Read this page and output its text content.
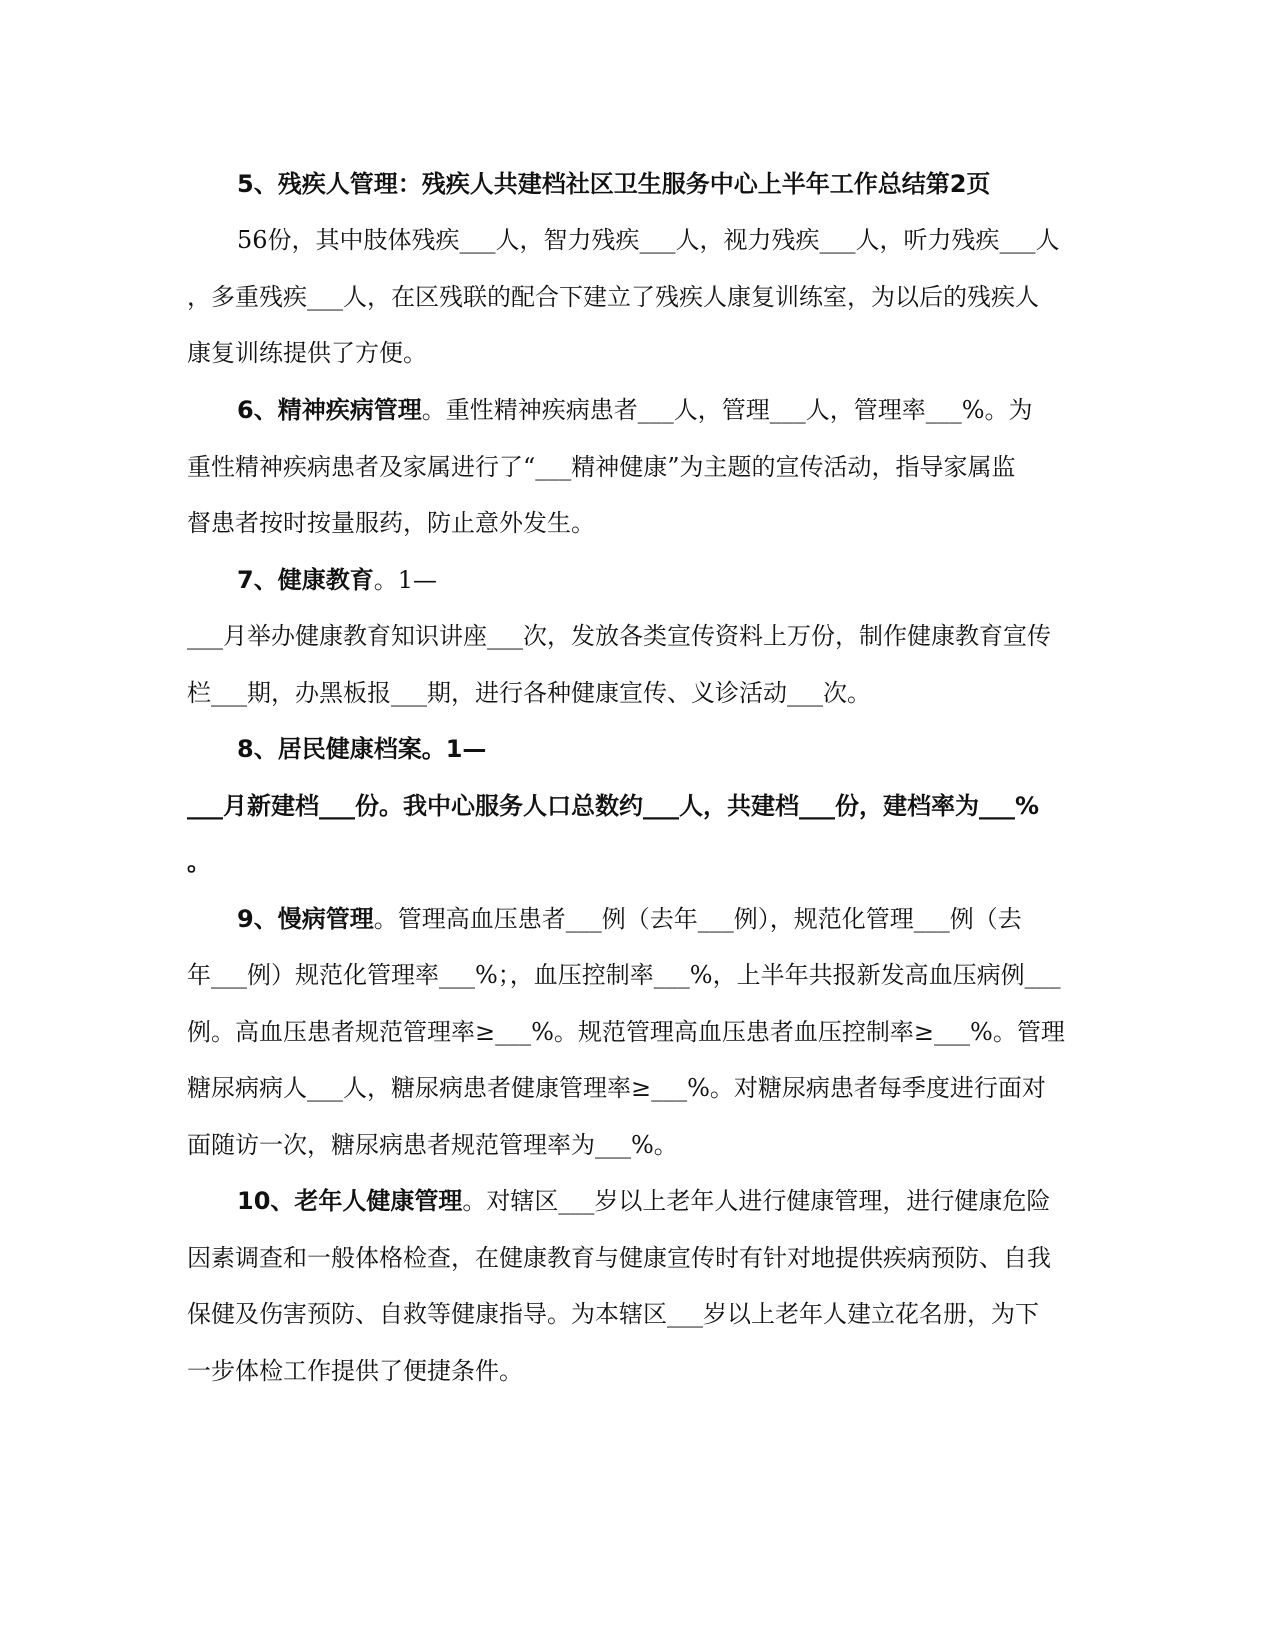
5、残疾人管理：残疾人共建档社区卫生服务中心上半年工作总结第2页
56份，其中肢体残疾___人，智力残疾___人，视力残疾___人，听力残疾___人
，多重残疾___人，在区残联的配合下建立了残疾人康复训练室，为以后的残疾人
康复训练提供了方便。
6、精神疾病管理。重性精神疾病患者___人，管理___人，管理率___%。为
重性精神疾病患者及家属进行了“___精神健康”为主题的宣传活动，指导家属监
督患者按时按量服药，防止意外发生。
7、健康教育。1—
___月举办健康教育知识讲座___次，发放各类宣传资料上万份，制作健康教育宣传
栏___期，办黑板报___期，进行各种健康宣传、义诊活动___次。
8、居民健康档案。1—
___月新建档___份。我中心服务人口总数约___人，共建档___份，建档率为___%
。
9、慢病管理。管理高血压患者___例（去年___例），规范化管理___例（去
年___例）规范化管理率___%；，血压控制率___%，上半年共报新发高血压病例___
例。高血压患者规范管理率≥___%。规范管理高血压患者血压控制率≥___%。管理
糖尿病病人___人，糖尿病患者健康管理率≥___%。对糖尿病患者每季度进行面对
面随访一次，糖尿病患者规范管理率为___%。
10、老年人健康管理。对辖区___岁以上老年人进行健康管理，进行健康危险
因素调查和一般体格检查，在健康教育与健康宣传时有针对地提供疾病预防、自我
保健及伤害预防、自救等健康指导。为本辖区___岁以上老年人建立花名册，为下
一步体检工作提供了便捷条件。
